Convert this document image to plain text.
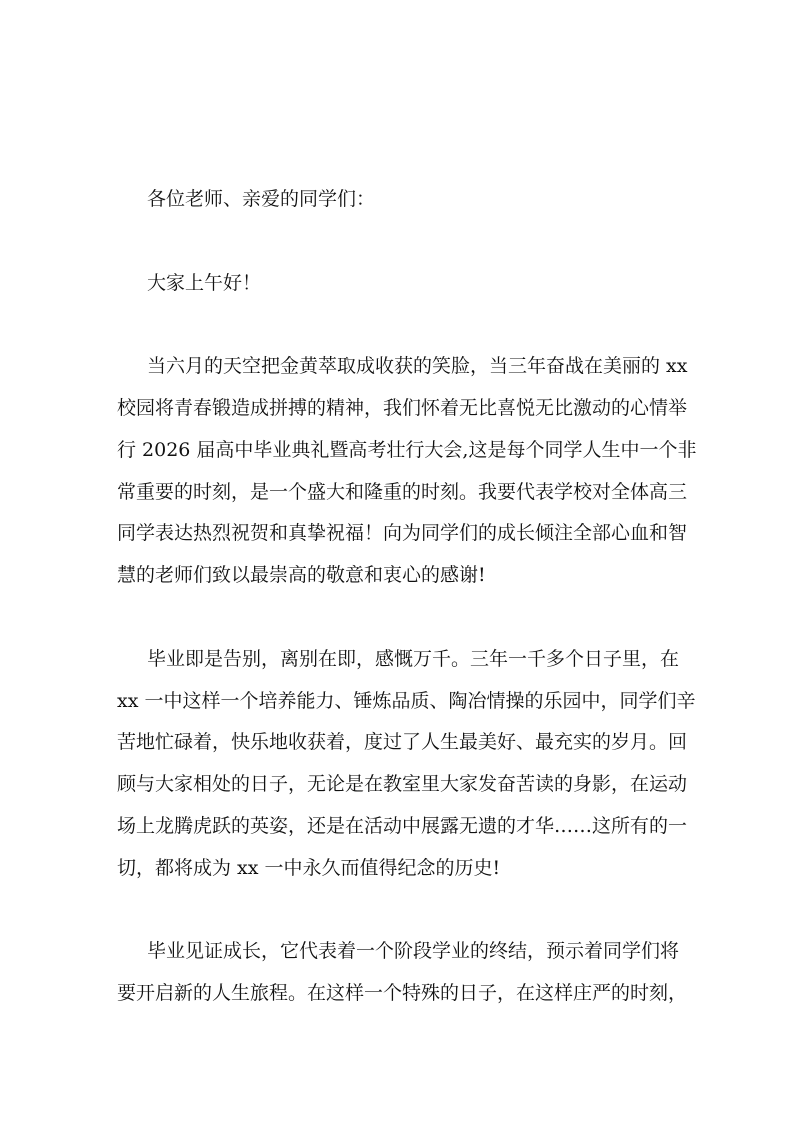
各位老师、亲爱的同学们：
大家上午好！
当六月的天空把金黄萃取成收获的笑脸，当三年奋战在美丽的 xx
校园将青春锻造成拼搏的精神，我们怀着无比喜悦无比激动的心情举
行 2026 届高中毕业典礼暨高考壮行大会,这是每个同学人生中一个非
常重要的时刻，是一个盛大和隆重的时刻。我要代表学校对全体高三
同学表达热烈祝贺和真挚祝福！向为同学们的成长倾注全部心血和智
慧的老师们致以最崇高的敬意和衷心的感谢!
毕业即是告别，离别在即，感慨万千。三年一千多个日子里，在
xx 一中这样一个培养能力、锤炼品质、陶冶情操的乐园中，同学们辛
苦地忙碌着，快乐地收获着，度过了人生最美好、最充实的岁月。回
顾与大家相处的日子，无论是在教室里大家发奋苦读的身影，在运动
场上龙腾虎跃的英姿，还是在活动中展露无遗的才华……这所有的一
切，都将成为 xx 一中永久而值得纪念的历史!
毕业见证成长，它代表着一个阶段学业的终结，预示着同学们将
要开启新的人生旅程。在这样一个特殊的日子，在这样庄严的时刻，
